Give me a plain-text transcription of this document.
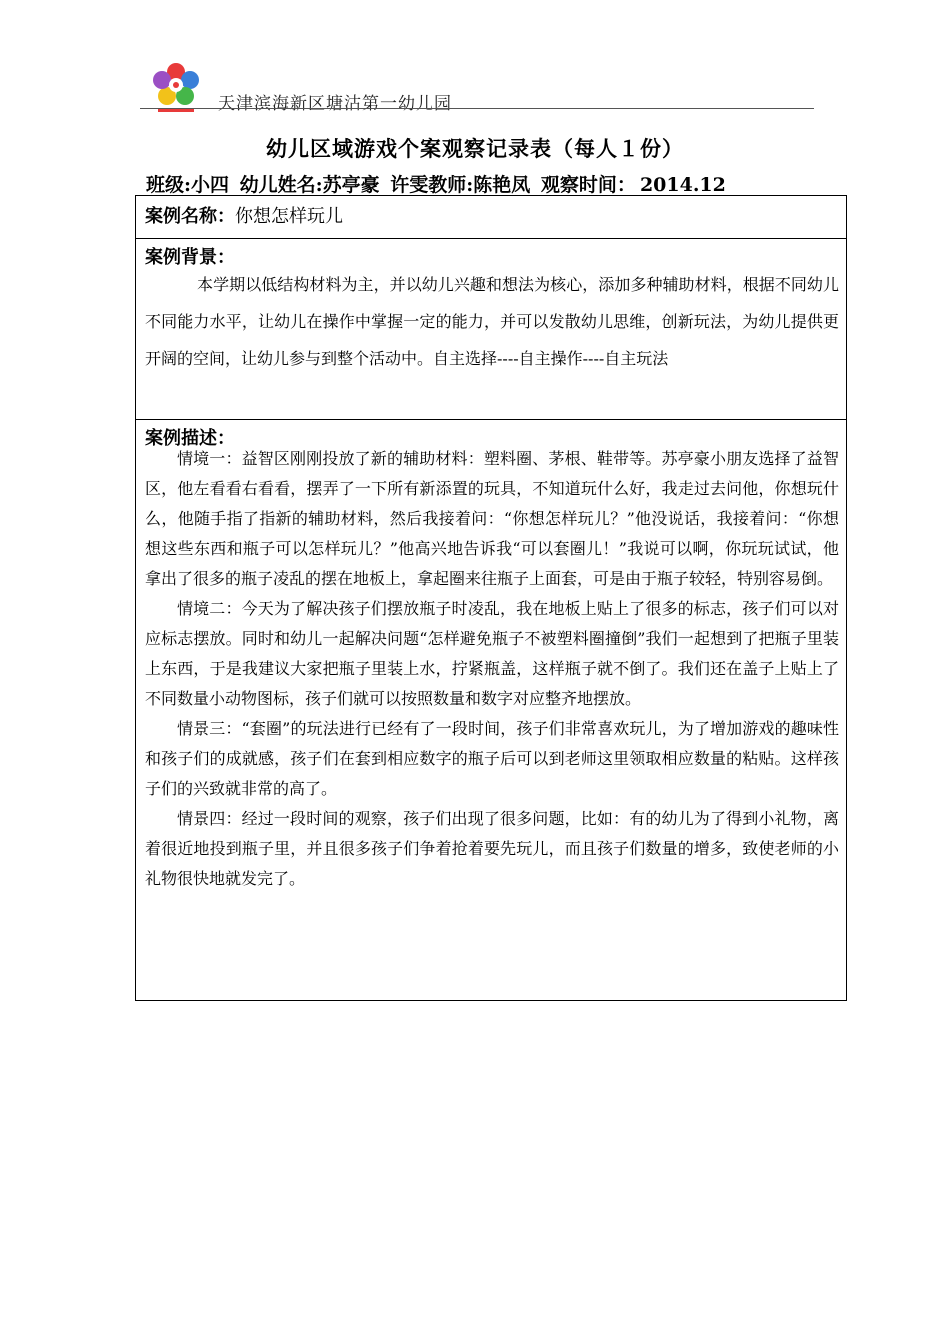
天津滨海新区塘沽第一幼儿园
幼儿区域游戏个案观察记录表（每人１份）
班级:小四 幼儿姓名:苏亭豪 许雯教师:陈艳凤 观察时间： 2014.12
案例名称：你想怎样玩儿
案例背景：
本学期以低结构材料为主，并以幼儿兴趣和想法为核心，添加多种辅助材料，根据不同幼儿不同能力水平，让幼儿在操作中掌握一定的能力，并可以发散幼儿思维，创新玩法，为幼儿提供更开阔的空间，让幼儿参与到整个活动中。自主选择----自主操作----自主玩法
案例描述：

情境一：益智区刚刚投放了新的辅助材料：塑料圈、茅根、鞋带等。苏亭豪小朋友选择了益智区，他左看看右看看，摆弄了一下所有新添置的玩具，不知道玩什么好，我走过去问他，你想玩什么，他随手指了指新的辅助材料，然后我接着问：“你想怎样玩儿？”他没说话，我接着问：“你想想这些东西和瓶子可以怎样玩儿？”他高兴地告诉我“可以套圈儿！”我说可以啊，你玩玩试试，他拿出了很多的瓶子凌乱的摆在地板上，拿起圈来往瓶子上面套，可是由于瓶子较轻，特别容易倒。

情境二：今天为了解决孩子们摆放瓶子时凌乱，我在地板上贴上了很多的标志，孩子们可以对应标志摆放。同时和幼儿一起解决问题“怎样避免瓶子不被塑料圈撞倒”我们一起想到了把瓶子里装上东西，于是我建议大家把瓶子里装上水，拧紧瓶盖，这样瓶子就不倒了。我们还在盖子上贴上了不同数量小动物图标，孩子们就可以按照数量和数字对应整齐地摆放。

情景三：“套圈”的玩法进行已经有了一段时间，孩子们非常喜欢玩儿，为了增加游戏的趣味性和孩子们的成就感，孩子们在套到相应数字的瓶子后可以到老师这里领取相应数量的粘贴。这样孩子们的兴致就非常的高了。

情景四：经过一段时间的观察，孩子们出现了很多问题，比如：有的幼儿为了得到小礼物，离着很近地投到瓶子里，并且很多孩子们争着抢着要先玩儿，而且孩子们数量的增多，致使老师的小礼物很快地就发完了。
